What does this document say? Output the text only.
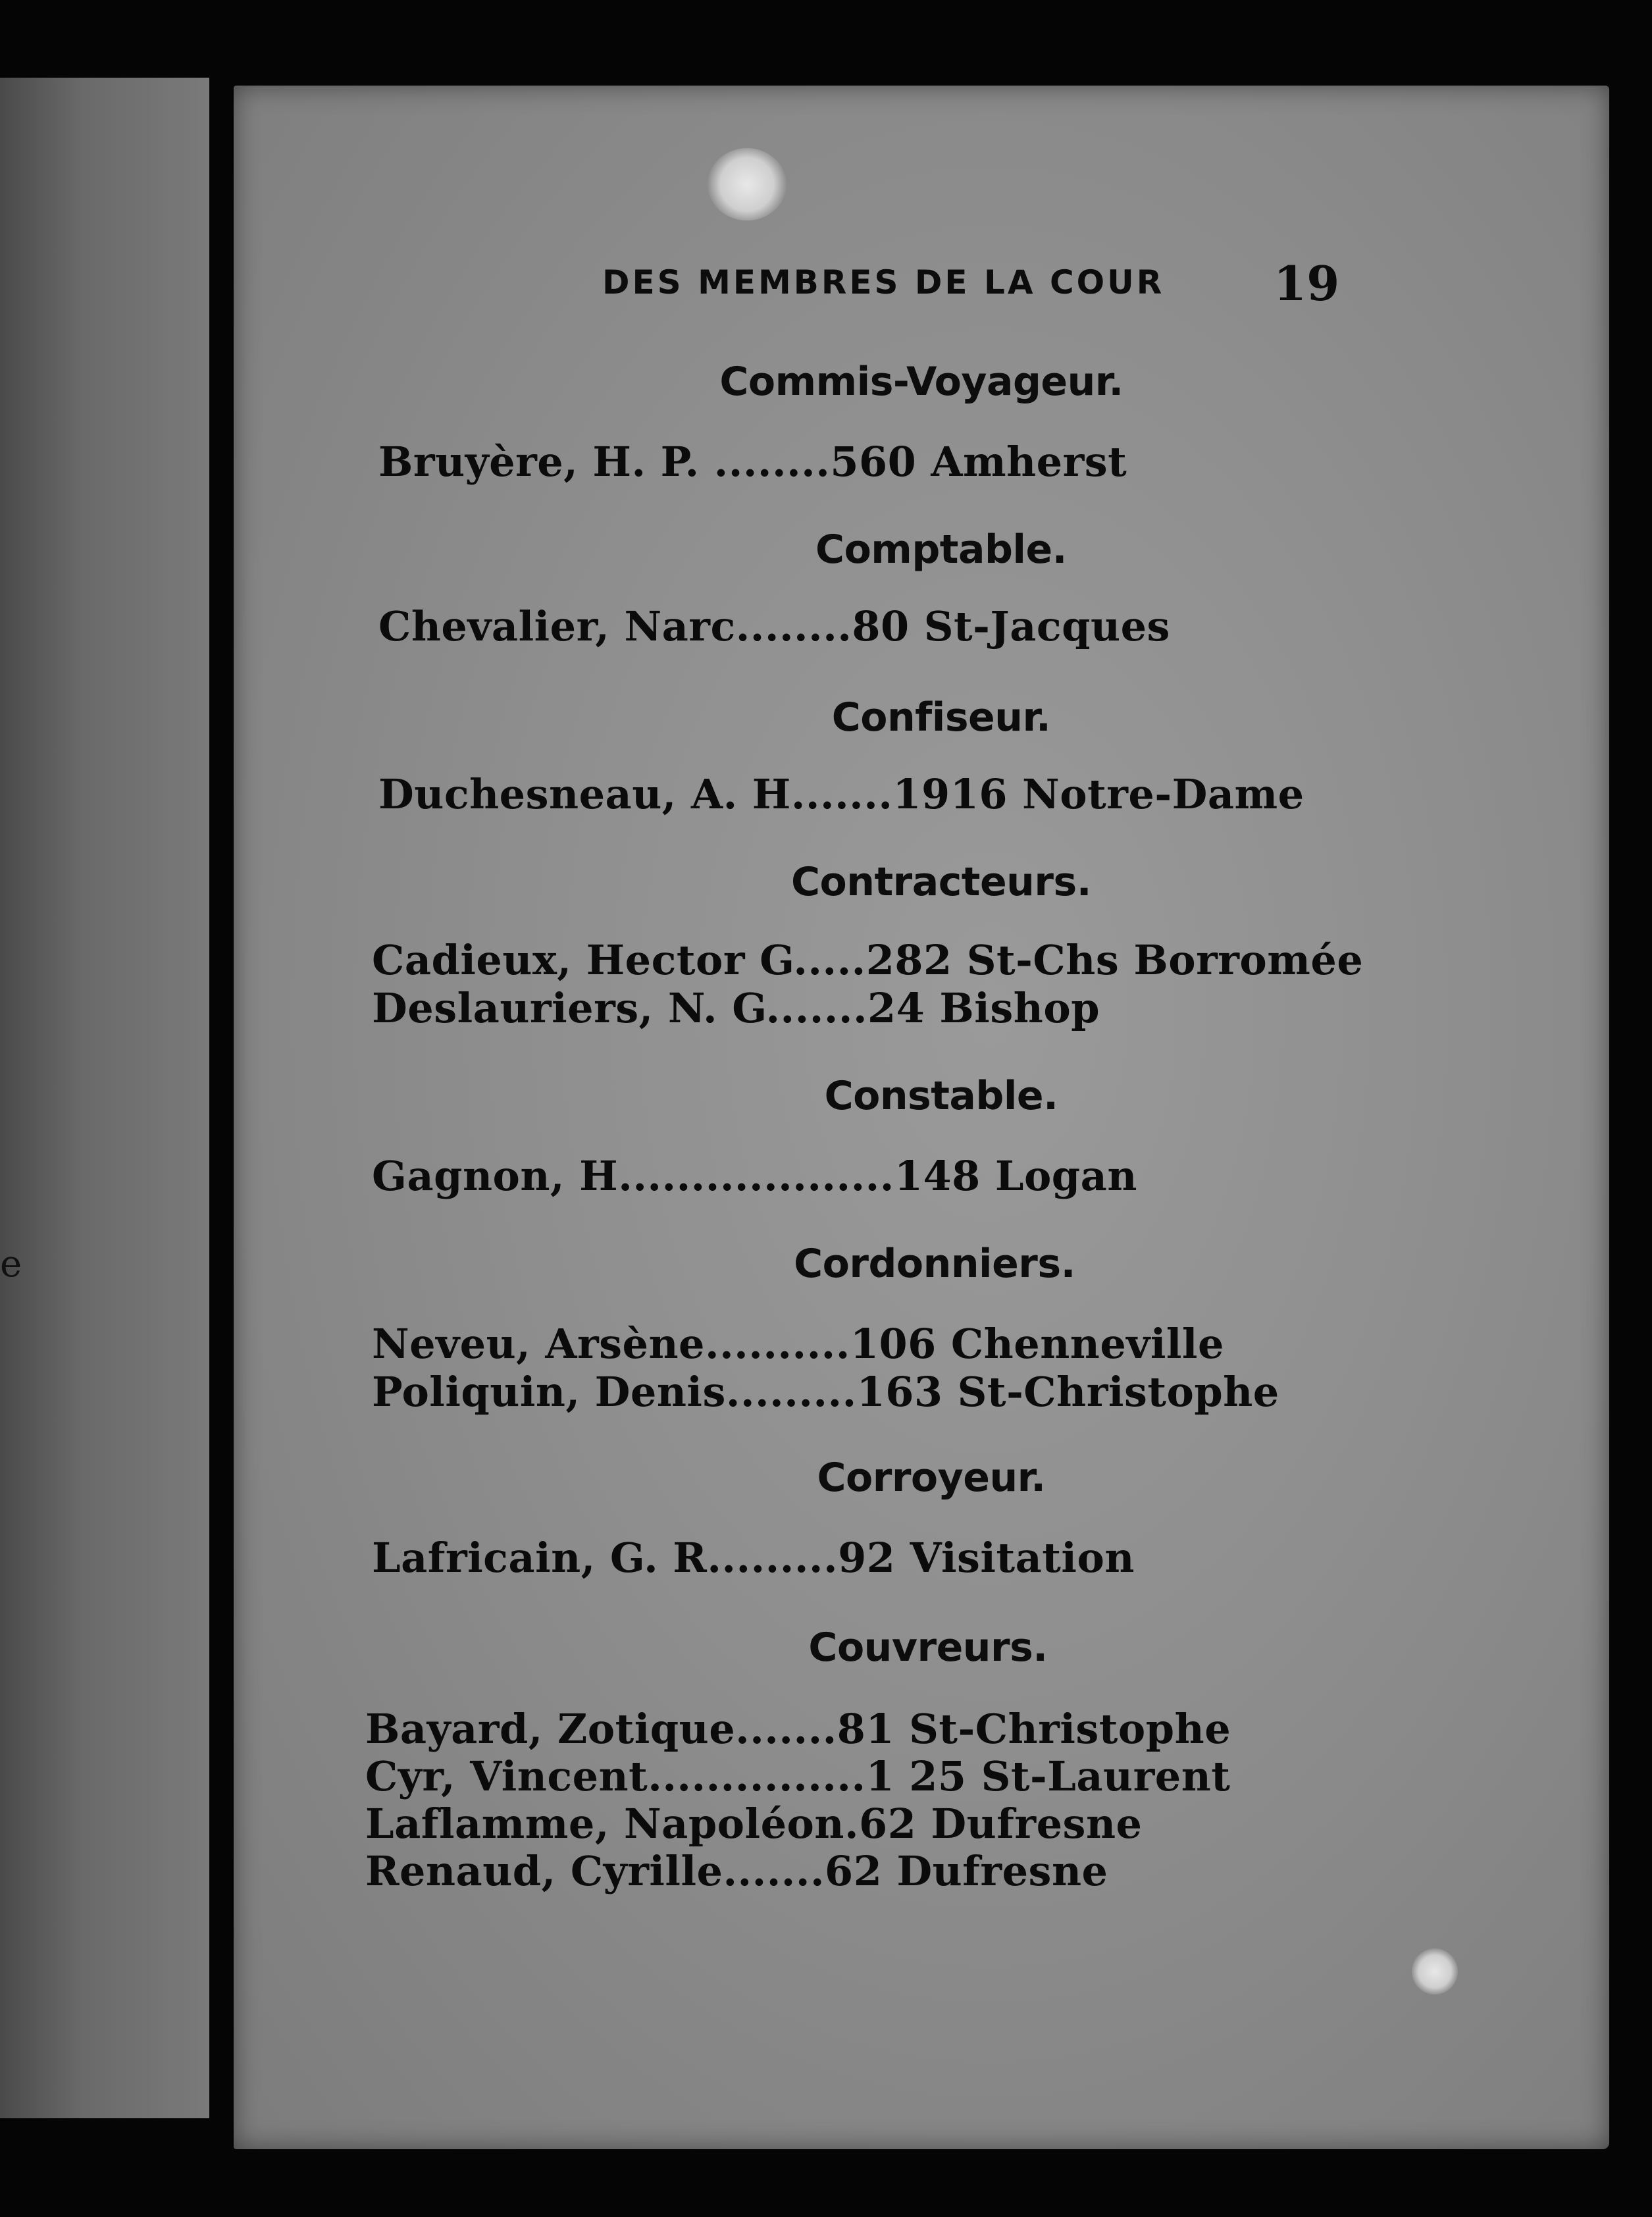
e
DES MEMBRES DE LA COUR 19
Commis-Voyageur.
Bruyère, H. P. ........560 Amherst
Comptable.
Chevalier, Narc........80 St-Jacques
Confiseur.
Duchesneau, A. H.......1916 Notre-Dame
Contracteurs.
Cadieux, Hector G.....282 St-Chs Borromée
Deslauriers, N. G.......24 Bishop
Constable.
Gagnon, H...................148 Logan
Cordonniers.
Neveu, Arsène..........106 Chenneville
Poliquin, Denis.........163 St-Christophe
Corroyeur.
Lafricain, G. R.........92 Visitation
Couvreurs.
Bayard, Zotique.......81 St-Christophe
Cyr, Vincent...............1 25 St-Laurent
Laflamme, Napoléon.62 Dufresne
Renaud, Cyrille.......62 Dufresne
